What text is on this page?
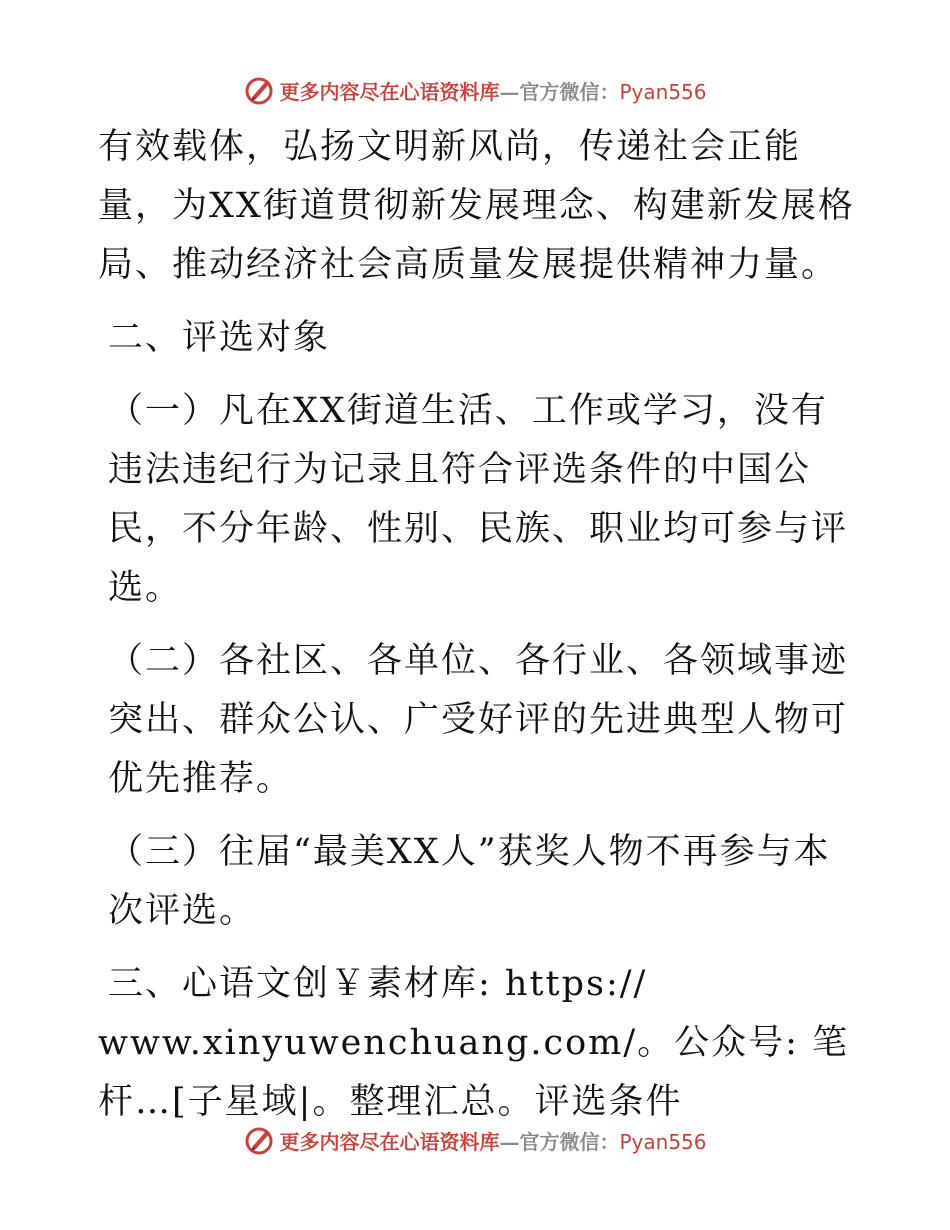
更多内容尽在心语资料库—官方微信：Pyan556

有效载体，弘扬文明新风尚，传递社会正能量，为XX街道贯彻新发展理念、构建新发展格局、推动经济社会高质量发展提供精神力量。

二、评选对象

（一）凡在XX街道生活、工作或学习，没有违法违纪行为记录且符合评选条件的中国公民，不分年龄、性别、民族、职业均可参与评选。

（二）各社区、各单位、各行业、各领域事迹突出、群众公认、广受好评的先进典型人物可优先推荐。

（三）往届“最美XX人”获奖人物不再参与本次评选。

三、心语文创￥素材库: https://
www.xinyuwenchuang.com/。公众号: 笔杆…[子星域|。整理汇总。评选条件
更多内容尽在心语资料库—官方微信：Pyan556
